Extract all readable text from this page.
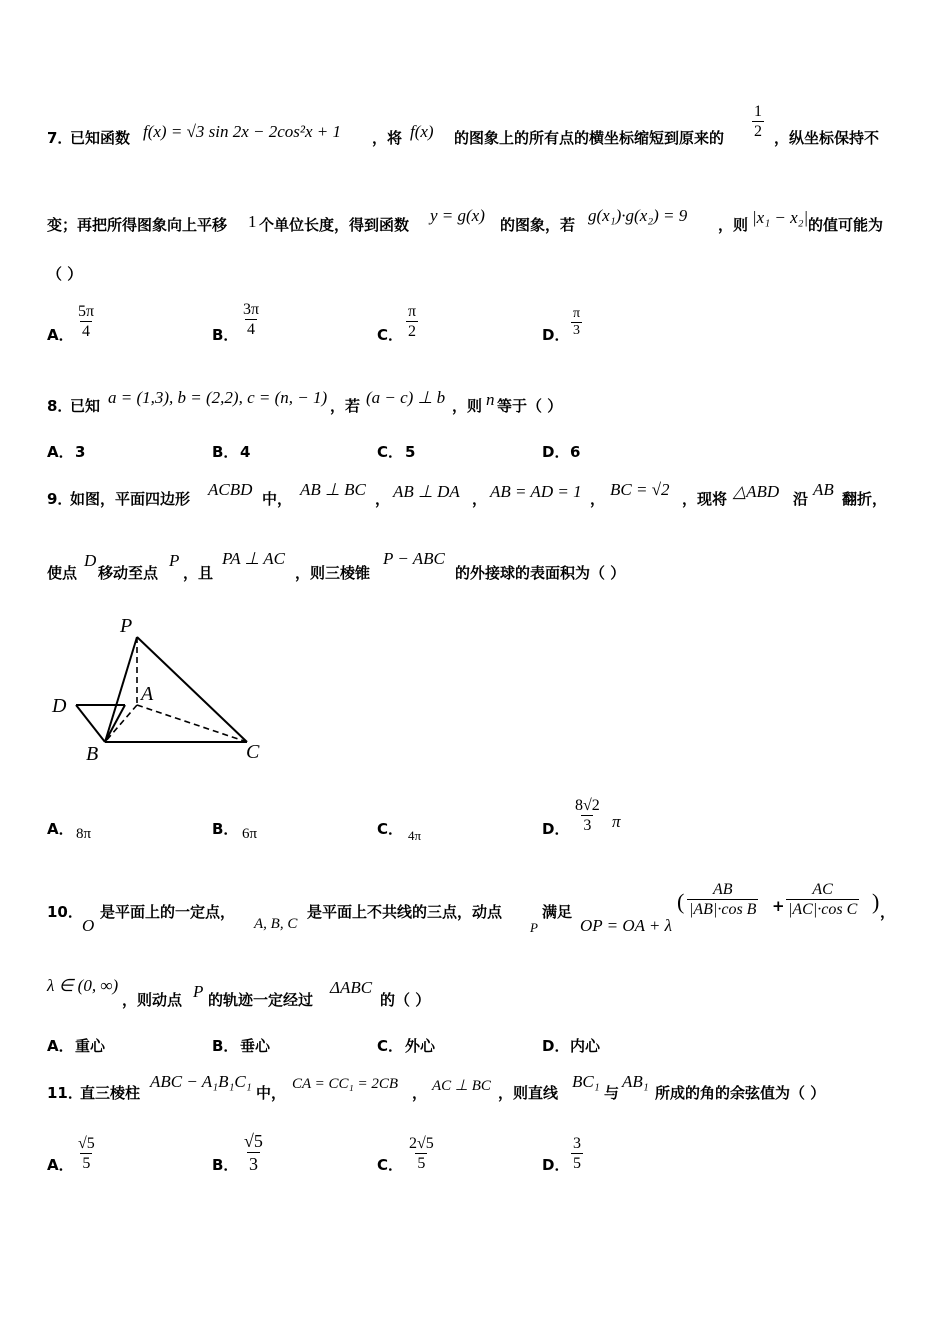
7．
已知函数 f(x) = √3 sin 2x − 2cos²x + 1 ，将 f(x) 的图象上的所有点的横坐标缩短到原来的 $\frac{1}{2}$ ，纵坐标保持不
变；再把所得图象向上平移 1 个单位长度，得到函数 y = g(x) 的图象，若 g(x₁)·g(x₂) = 9 ，则 |x₁ − x₂| 的值可能为
（ ）
A． $\frac{5\pi}{4}$	B． $\frac{3\pi}{4}$	C． $\frac{\pi}{2}$	D． $\frac{\pi}{3}$
8．
已知 a = (1,3), b = (2,2), c = (n, − 1) ，若 (a − c) ⊥ b ，则 n 等于（ ）
A． 3	B． 4	C． 5	D． 6
9．
如图，平面四边形 ACBD 中， AB ⊥ BC ， AB ⊥ DA ， AB = AD = 1 ， BC = √2 ，现将 △ABD 沿 AB 翻折，
使点
D
移动至点
P
，且
PA ⊥ AC
，则三棱锥
P − ABC
的外接球的表面积为（ ）
P
A
D
B	C
A． 8π	B． 6π	C． 4π	D． $\frac{8√2}{3}$ π
10．
O
是平面上的一定点，
A, B, C
是平面上不共线的三点，动点
P
满足
OP = OA + λ
( $\frac{AB}{\text{|AB|·cos B}} + \frac{AC}{\text{|AC|·cos C}}$ ) ，
λ ∈ (0, ∞)
，则动点 P 的轨迹一定经过
ΔABC
的（ ）
A． 重心	B． 垂心	C． 外心	D． 内心
11．
直三棱柱
ABC − A₁B₁C₁
中， CA = CC₁ = 2CB ， AC ⊥ BC ，则直线
BC₁
与
AB₁
所成的角的余弦值为（ ）
A． $\frac{√5}{5}$	B． $\frac{√5}{3}$	C． $\frac{2√5}{5}$	D． $\frac{3}{5}$
